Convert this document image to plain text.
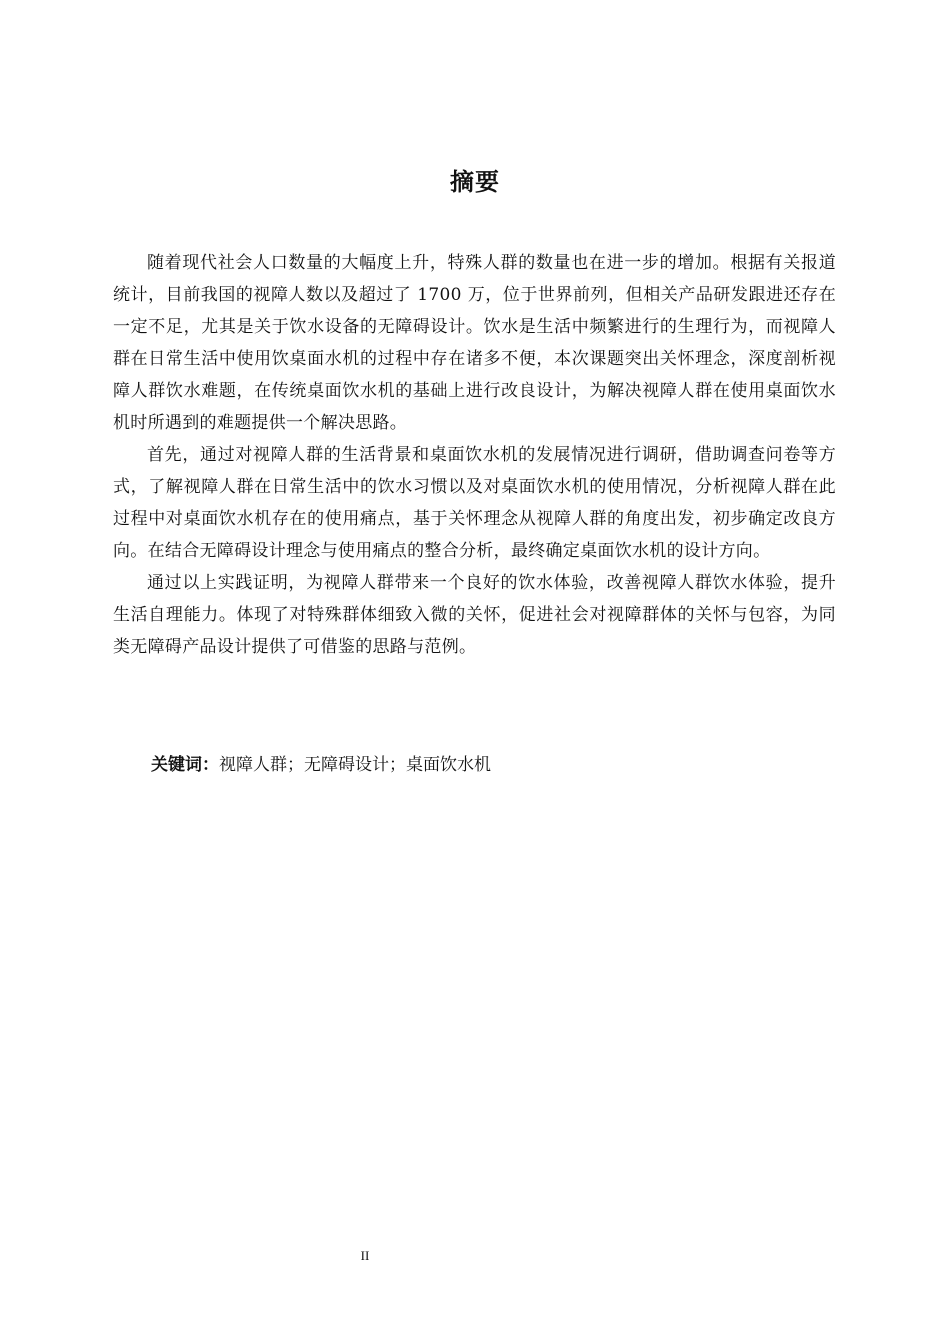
摘要

随着现代社会人口数量的大幅度上升，特殊人群的数量也在进一步的增加。根据有关报道统计，目前我国的视障人数以及超过了 1700 万，位于世界前列，但相关产品研发跟进还存在一定不足，尤其是关于饮水设备的无障碍设计。饮水是生活中频繁进行的生理行为，而视障人群在日常生活中使用饮桌面水机的过程中存在诸多不便，本次课题突出关怀理念，深度剖析视障人群饮水难题，在传统桌面饮水机的基础上进行改良设计，为解决视障人群在使用桌面饮水机时所遇到的难题提供一个解决思路。

首先，通过对视障人群的生活背景和桌面饮水机的发展情况进行调研，借助调查问卷等方式，了解视障人群在日常生活中的饮水习惯以及对桌面饮水机的使用情况，分析视障人群在此过程中对桌面饮水机存在的使用痛点，基于关怀理念从视障人群的角度出发，初步确定改良方向。在结合无障碍设计理念与使用痛点的整合分析，最终确定桌面饮水机的设计方向。

通过以上实践证明，为视障人群带来一个良好的饮水体验，改善视障人群饮水体验，提升生活自理能力。体现了对特殊群体细致入微的关怀，促进社会对视障群体的关怀与包容，为同类无障碍产品设计提供了可借鉴的思路与范例。

关键词：视障人群；无障碍设计；桌面饮水机
II
